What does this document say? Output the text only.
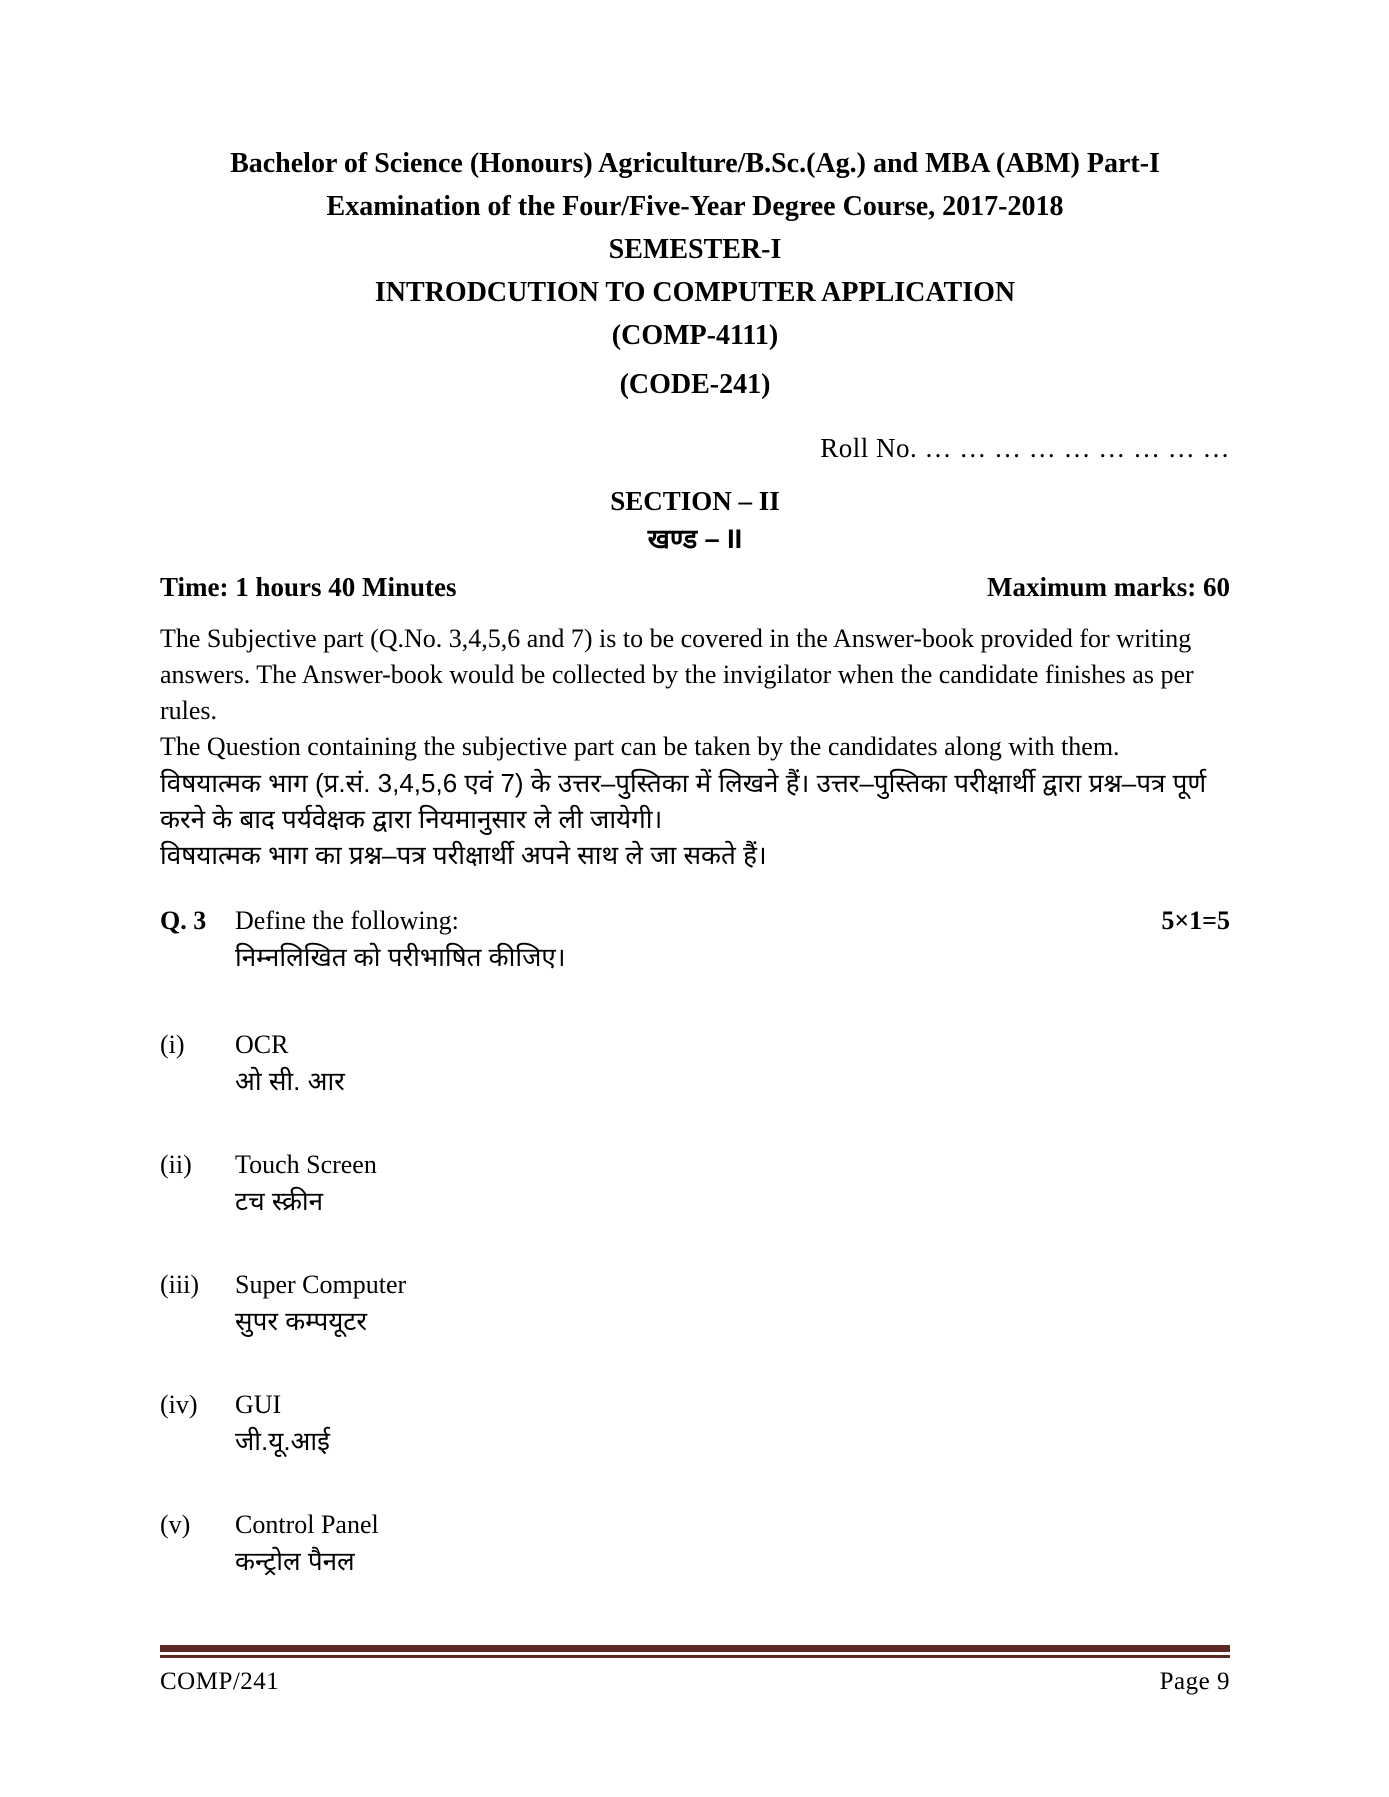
Bachelor of Science (Honours) Agriculture/B.Sc.(Ag.) and MBA (ABM) Part-I
Examination of the Four/Five-Year Degree Course, 2017-2018
SEMESTER-I
INTRODCUTION TO COMPUTER APPLICATION
(COMP-4111)
(CODE-241)
Roll No. … … … … … … … … …
SECTION – II
खण्ड – II
Time: 1 hours 40 Minutes	Maximum marks: 60

The Subjective part (Q.No. 3,4,5,6 and 7) is to be covered in the Answer-book provided for writing answers. The Answer-book would be collected by the invigilator when the candidate finishes as per rules.

The Question containing the subjective part can be taken by the candidates along with them.

विषयात्मक भाग (प्र.सं. 3,4,5,6 एवं 7) के उत्तर–पुस्तिका में लिखने हैं। उत्तर–पुस्तिका परीक्षार्थी द्वारा प्रश्न–पत्र पूर्ण करने के बाद पर्यवेक्षक द्वारा नियमानुसार ले ली जायेगी।

विषयात्मक भाग का प्रश्न–पत्र परीक्षार्थी अपने साथ ले जा सकते हैं।

Q. 3	Define the following:
निम्नलिखित को परीभाषित कीजिए।
5×1=5
(i)	OCR
ओ सी. आर
(ii)	Touch Screen
टच स्क्रीन
(iii)	Super Computer
सुपर कम्पयूटर
(iv)	GUI
जी.यू.आई
(v)	Control Panel
कन्ट्रोल पैनल
COMP/241	Page 9
